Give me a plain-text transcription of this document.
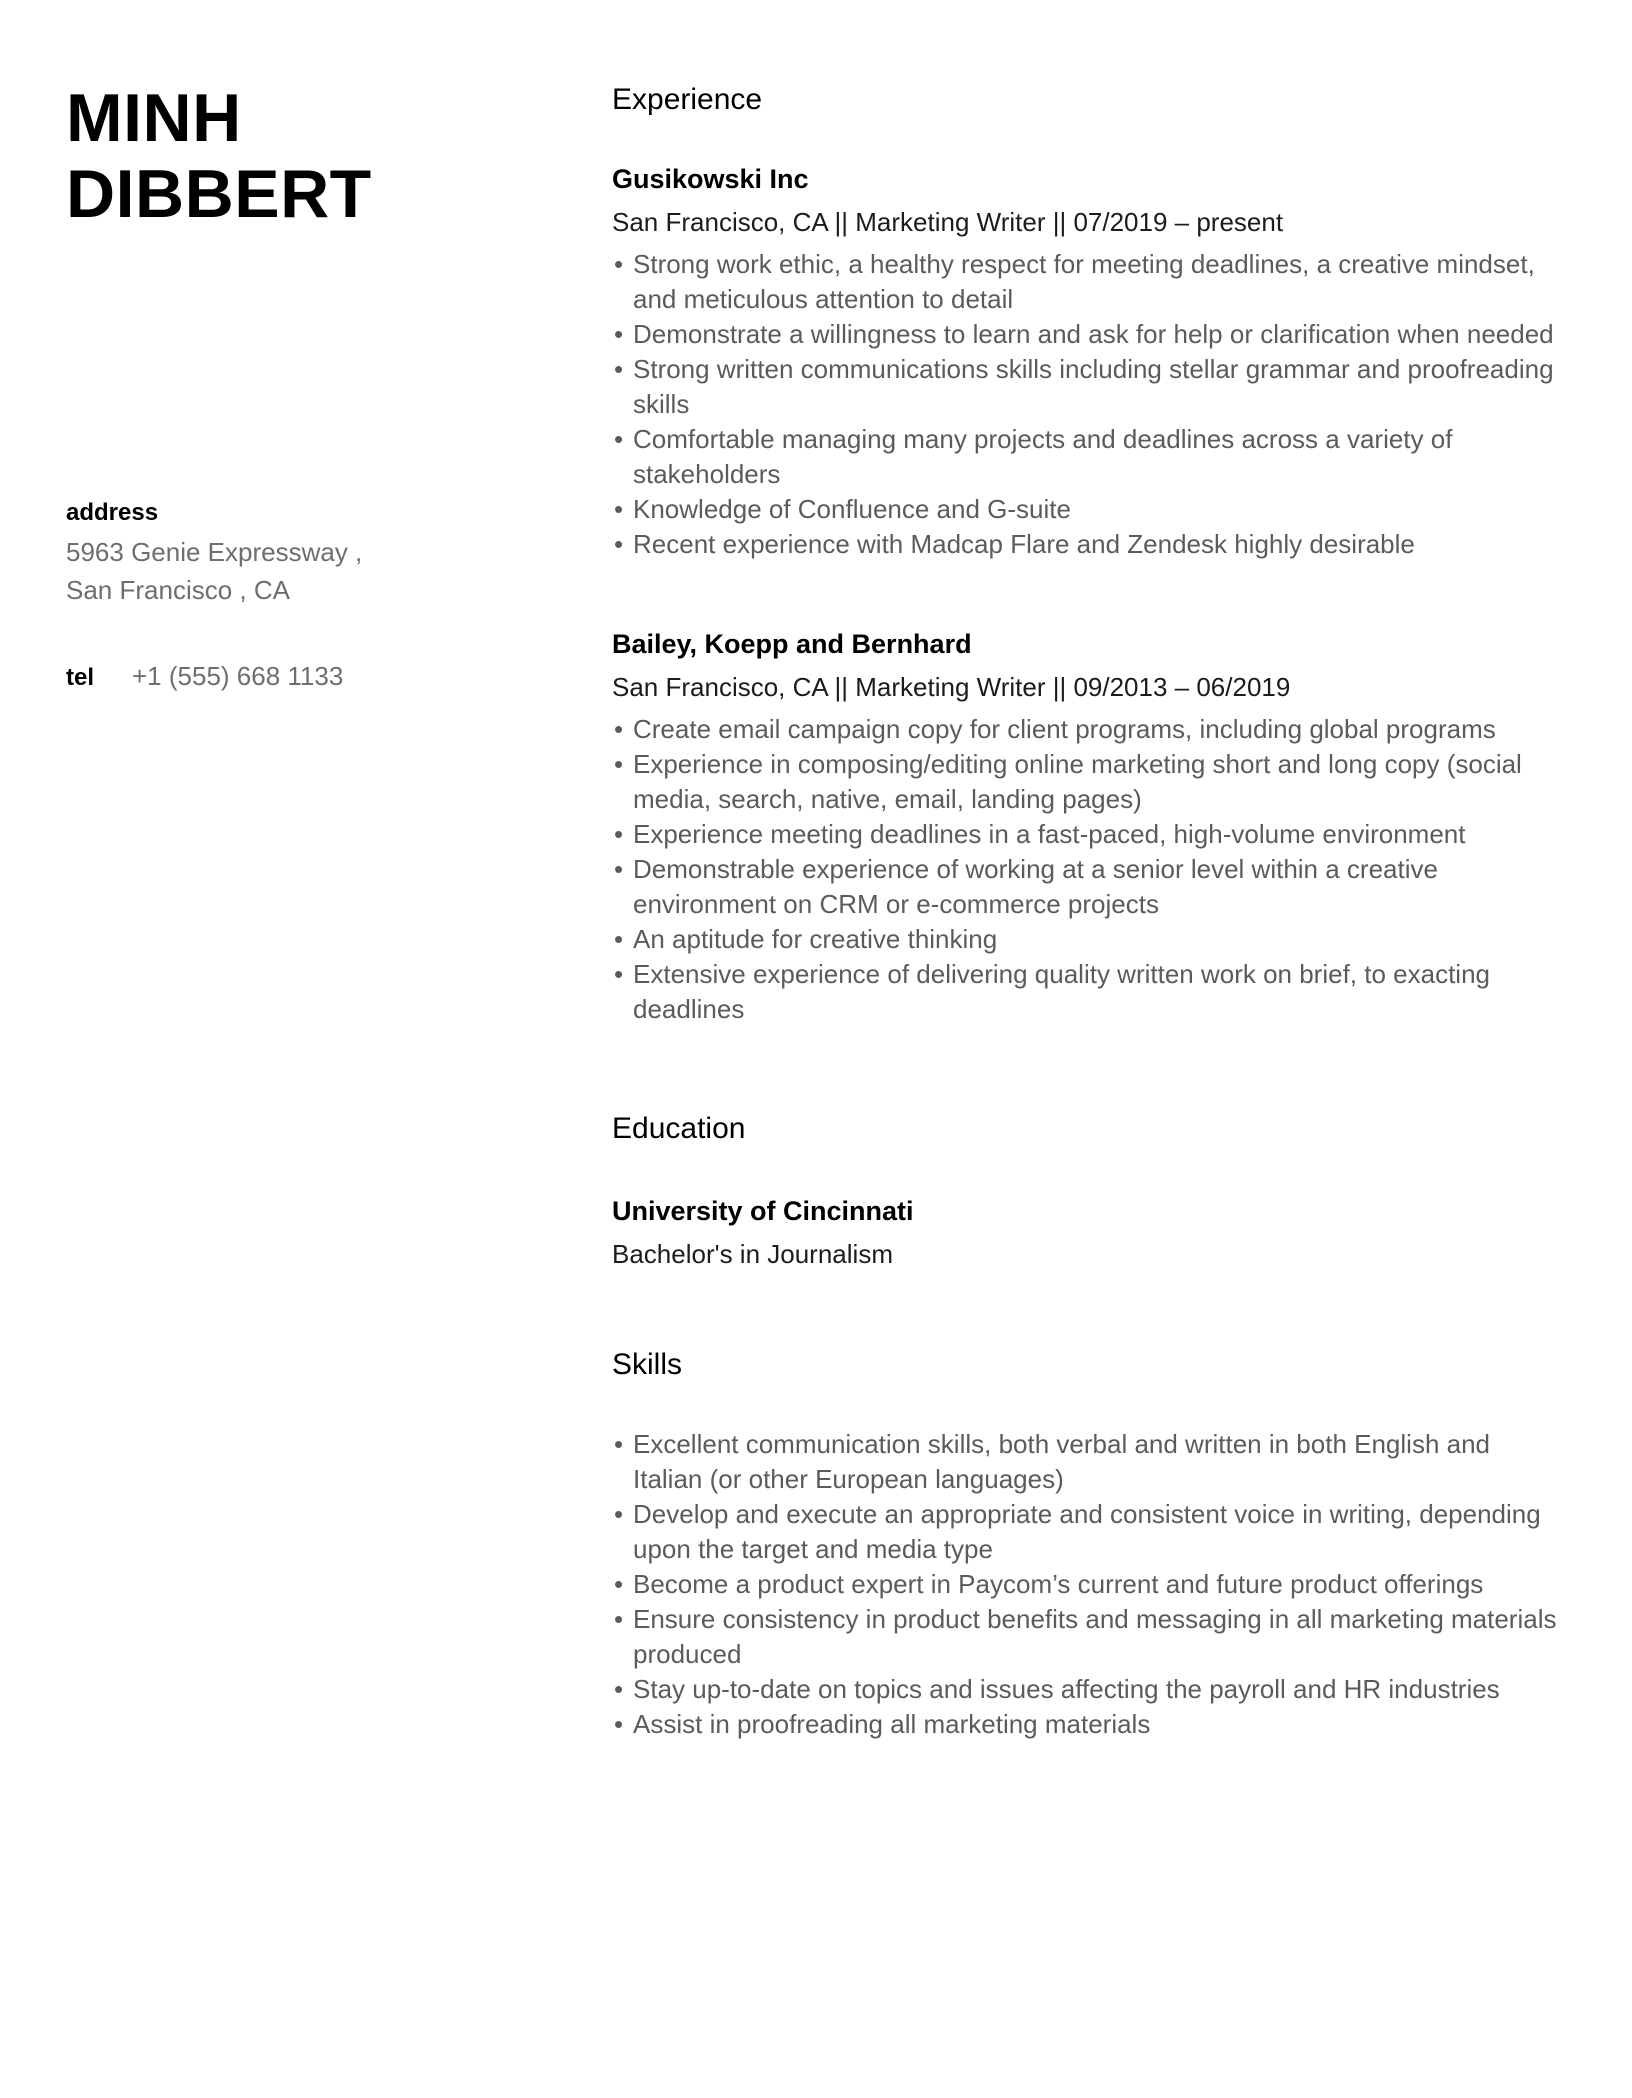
MINH
DIBBERT
address
5963 Genie Expressway ,
San Francisco , CA
tel	+1 (555) 668 1133
Experience
Gusikowski Inc
San Francisco, CA || Marketing Writer || 07/2019 – present
• Strong work ethic, a healthy respect for meeting deadlines, a creative mindset, and meticulous attention to detail
• Demonstrate a willingness to learn and ask for help or clarification when needed
• Strong written communications skills including stellar grammar and proofreading skills
• Comfortable managing many projects and deadlines across a variety of stakeholders
• Knowledge of Confluence and G-suite
• Recent experience with Madcap Flare and Zendesk highly desirable
Bailey, Koepp and Bernhard
San Francisco, CA || Marketing Writer || 09/2013 – 06/2019
• Create email campaign copy for client programs, including global programs
• Experience in composing/editing online marketing short and long copy (social media, search, native, email, landing pages)
• Experience meeting deadlines in a fast-paced, high-volume environment
• Demonstrable experience of working at a senior level within a creative environment on CRM or e-commerce projects
• An aptitude for creative thinking
• Extensive experience of delivering quality written work on brief, to exacting deadlines
Education
University of Cincinnati
Bachelor's in Journalism
Skills
• Excellent communication skills, both verbal and written in both English and Italian (or other European languages)
• Develop and execute an appropriate and consistent voice in writing, depending upon the target and media type
• Become a product expert in Paycom’s current and future product offerings
• Ensure consistency in product benefits and messaging in all marketing materials produced
• Stay up-to-date on topics and issues affecting the payroll and HR industries
• Assist in proofreading all marketing materials
